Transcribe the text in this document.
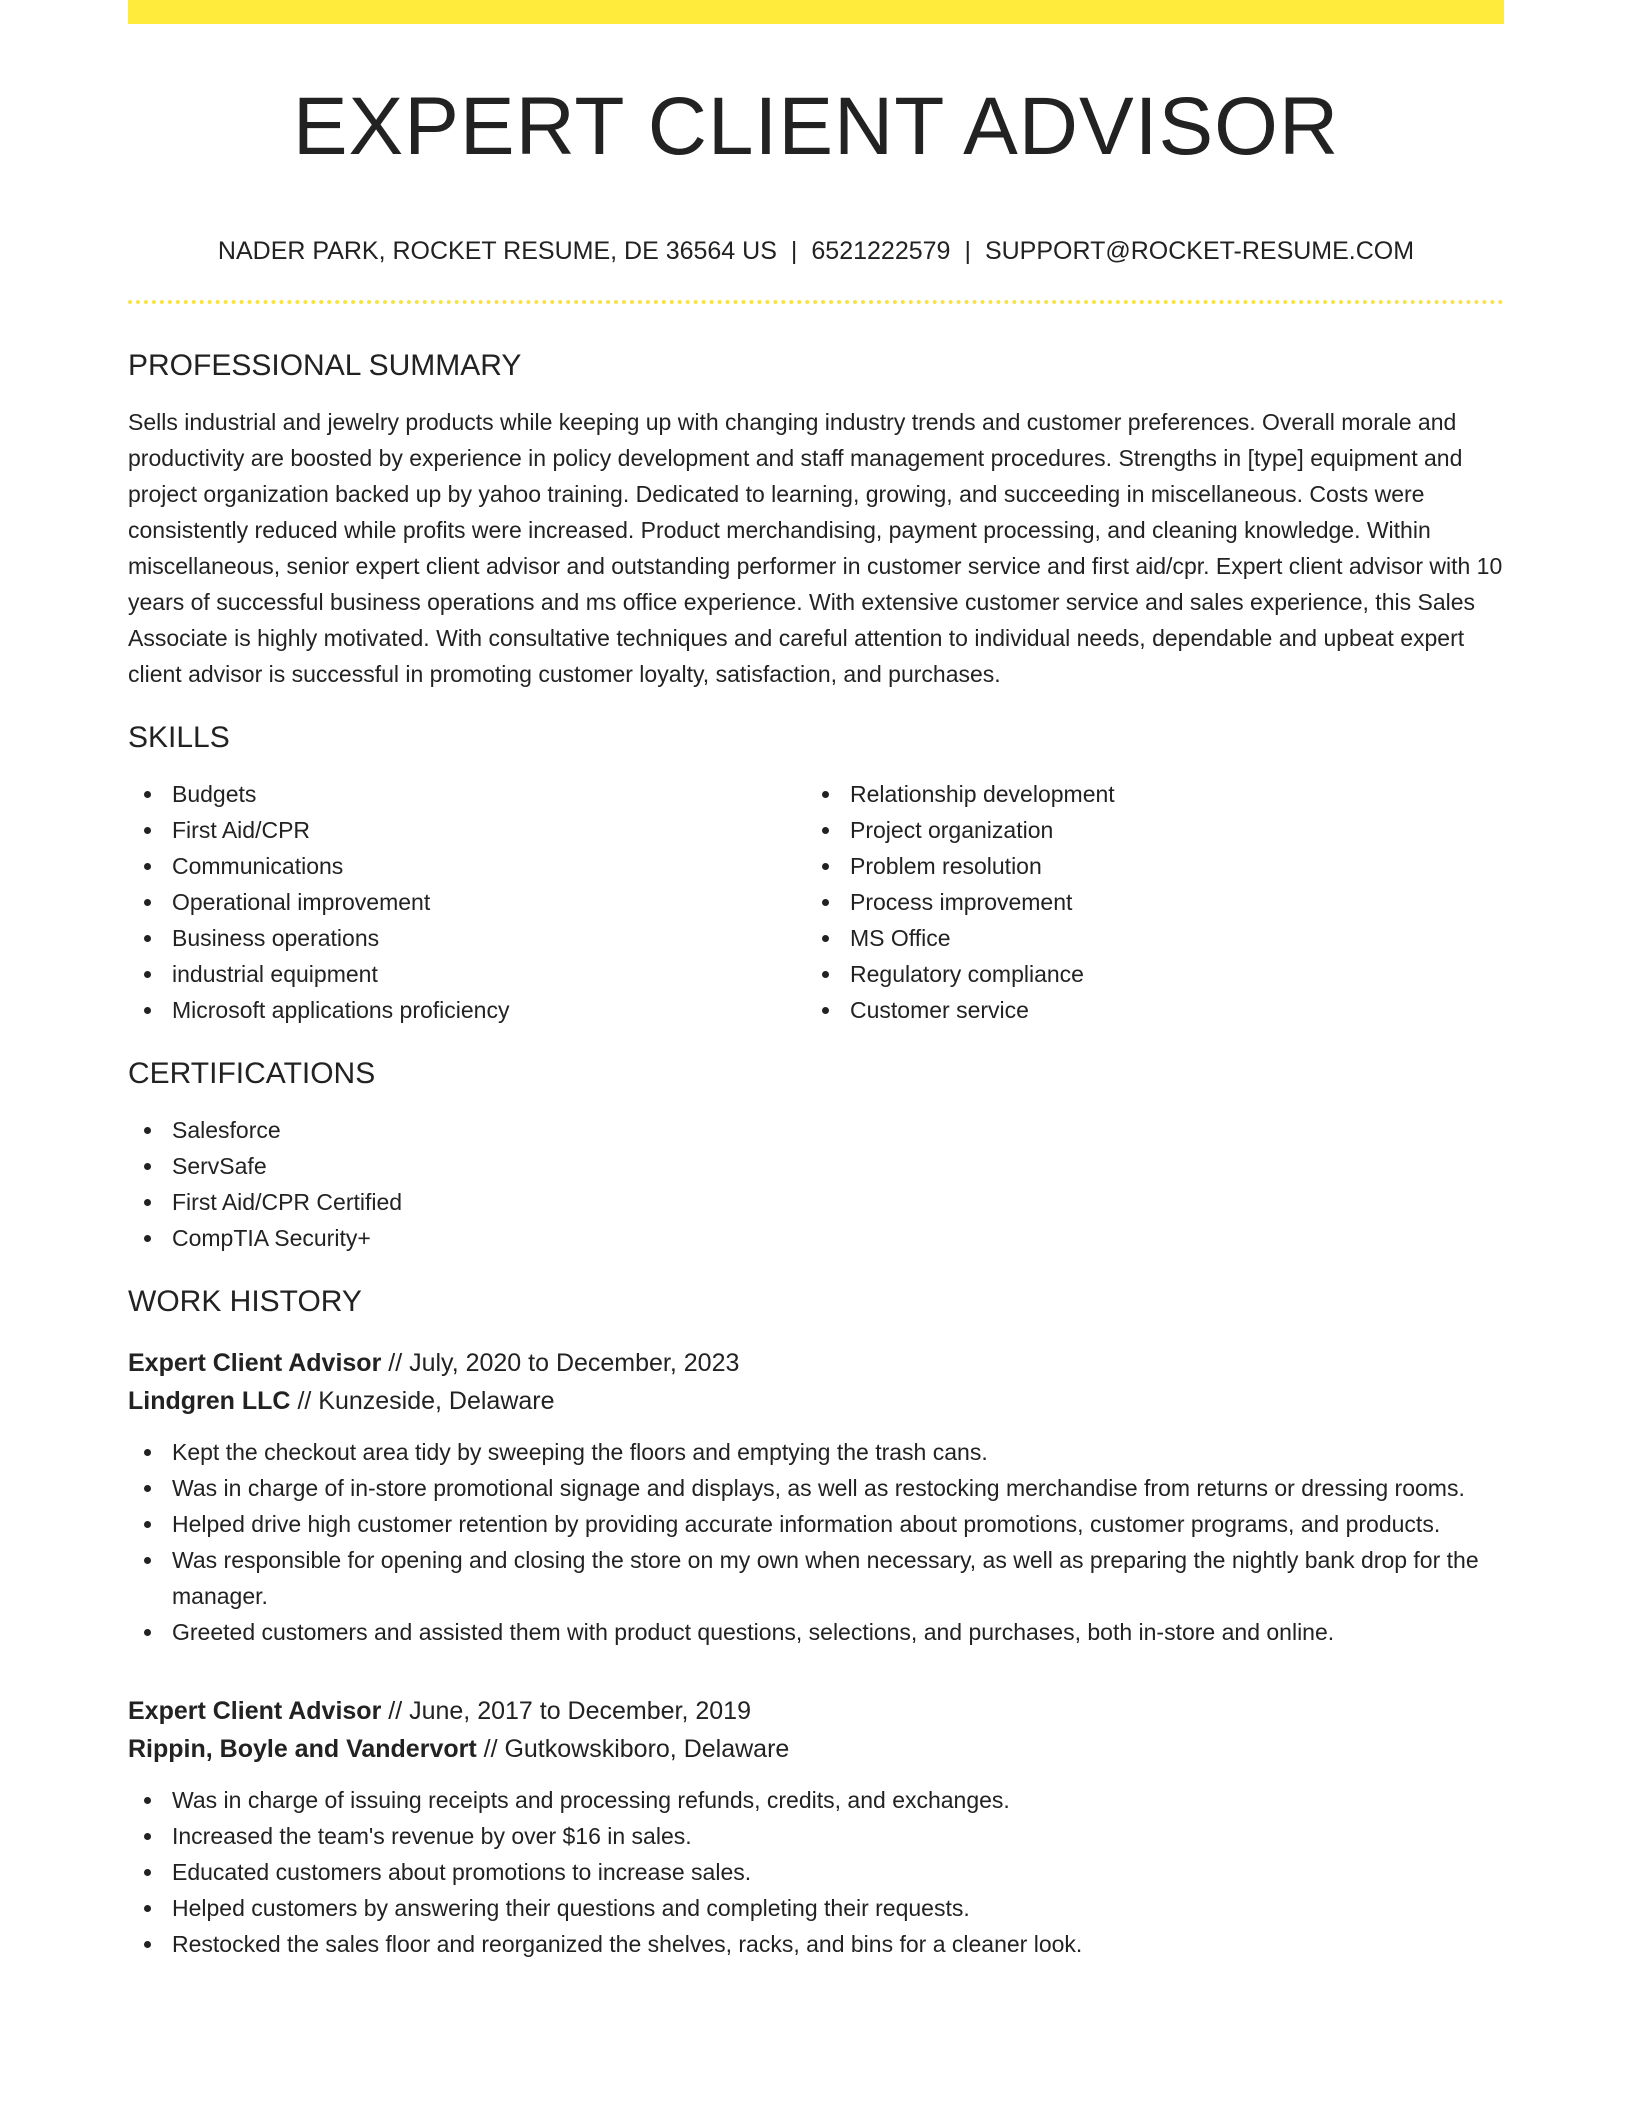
EXPERT CLIENT ADVISOR
NADER PARK, ROCKET RESUME, DE 36564 US | 6521222579 | SUPPORT@ROCKET-RESUME.COM
PROFESSIONAL SUMMARY

Sells industrial and jewelry products while keeping up with changing industry trends and customer preferences. Overall morale and productivity are boosted by experience in policy development and staff management procedures. Strengths in [type] equipment and project organization backed up by yahoo training. Dedicated to learning, growing, and succeeding in miscellaneous. Costs were consistently reduced while profits were increased. Product merchandising, payment processing, and cleaning knowledge. Within miscellaneous, senior expert client advisor and outstanding performer in customer service and first aid/cpr. Expert client advisor with 10 years of successful business operations and ms office experience. With extensive customer service and sales experience, this Sales Associate is highly motivated. With consultative techniques and careful attention to individual needs, dependable and upbeat expert client advisor is successful in promoting customer loyalty, satisfaction, and purchases.

SKILLS
Budgets
First Aid/CPR
Communications
Operational improvement
Business operations
industrial equipment
Microsoft applications proficiency
Relationship development
Project organization
Problem resolution
Process improvement
MS Office
Regulatory compliance
Customer service
CERTIFICATIONS
Salesforce
ServSafe
First Aid/CPR Certified
CompTIA Security+
WORK HISTORY
Expert Client Advisor // July, 2020 to December, 2023
Lindgren LLC // Kunzeside, Delaware
Kept the checkout area tidy by sweeping the floors and emptying the trash cans.
Was in charge of in-store promotional signage and displays, as well as restocking merchandise from returns or dressing rooms.
Helped drive high customer retention by providing accurate information about promotions, customer programs, and products.
Was responsible for opening and closing the store on my own when necessary, as well as preparing the nightly bank drop for the manager.
Greeted customers and assisted them with product questions, selections, and purchases, both in-store and online.
Expert Client Advisor // June, 2017 to December, 2019
Rippin, Boyle and Vandervort // Gutkowskiboro, Delaware
Was in charge of issuing receipts and processing refunds, credits, and exchanges.
Increased the team's revenue by over $16 in sales.
Educated customers about promotions to increase sales.
Helped customers by answering their questions and completing their requests.
Restocked the sales floor and reorganized the shelves, racks, and bins for a cleaner look.
